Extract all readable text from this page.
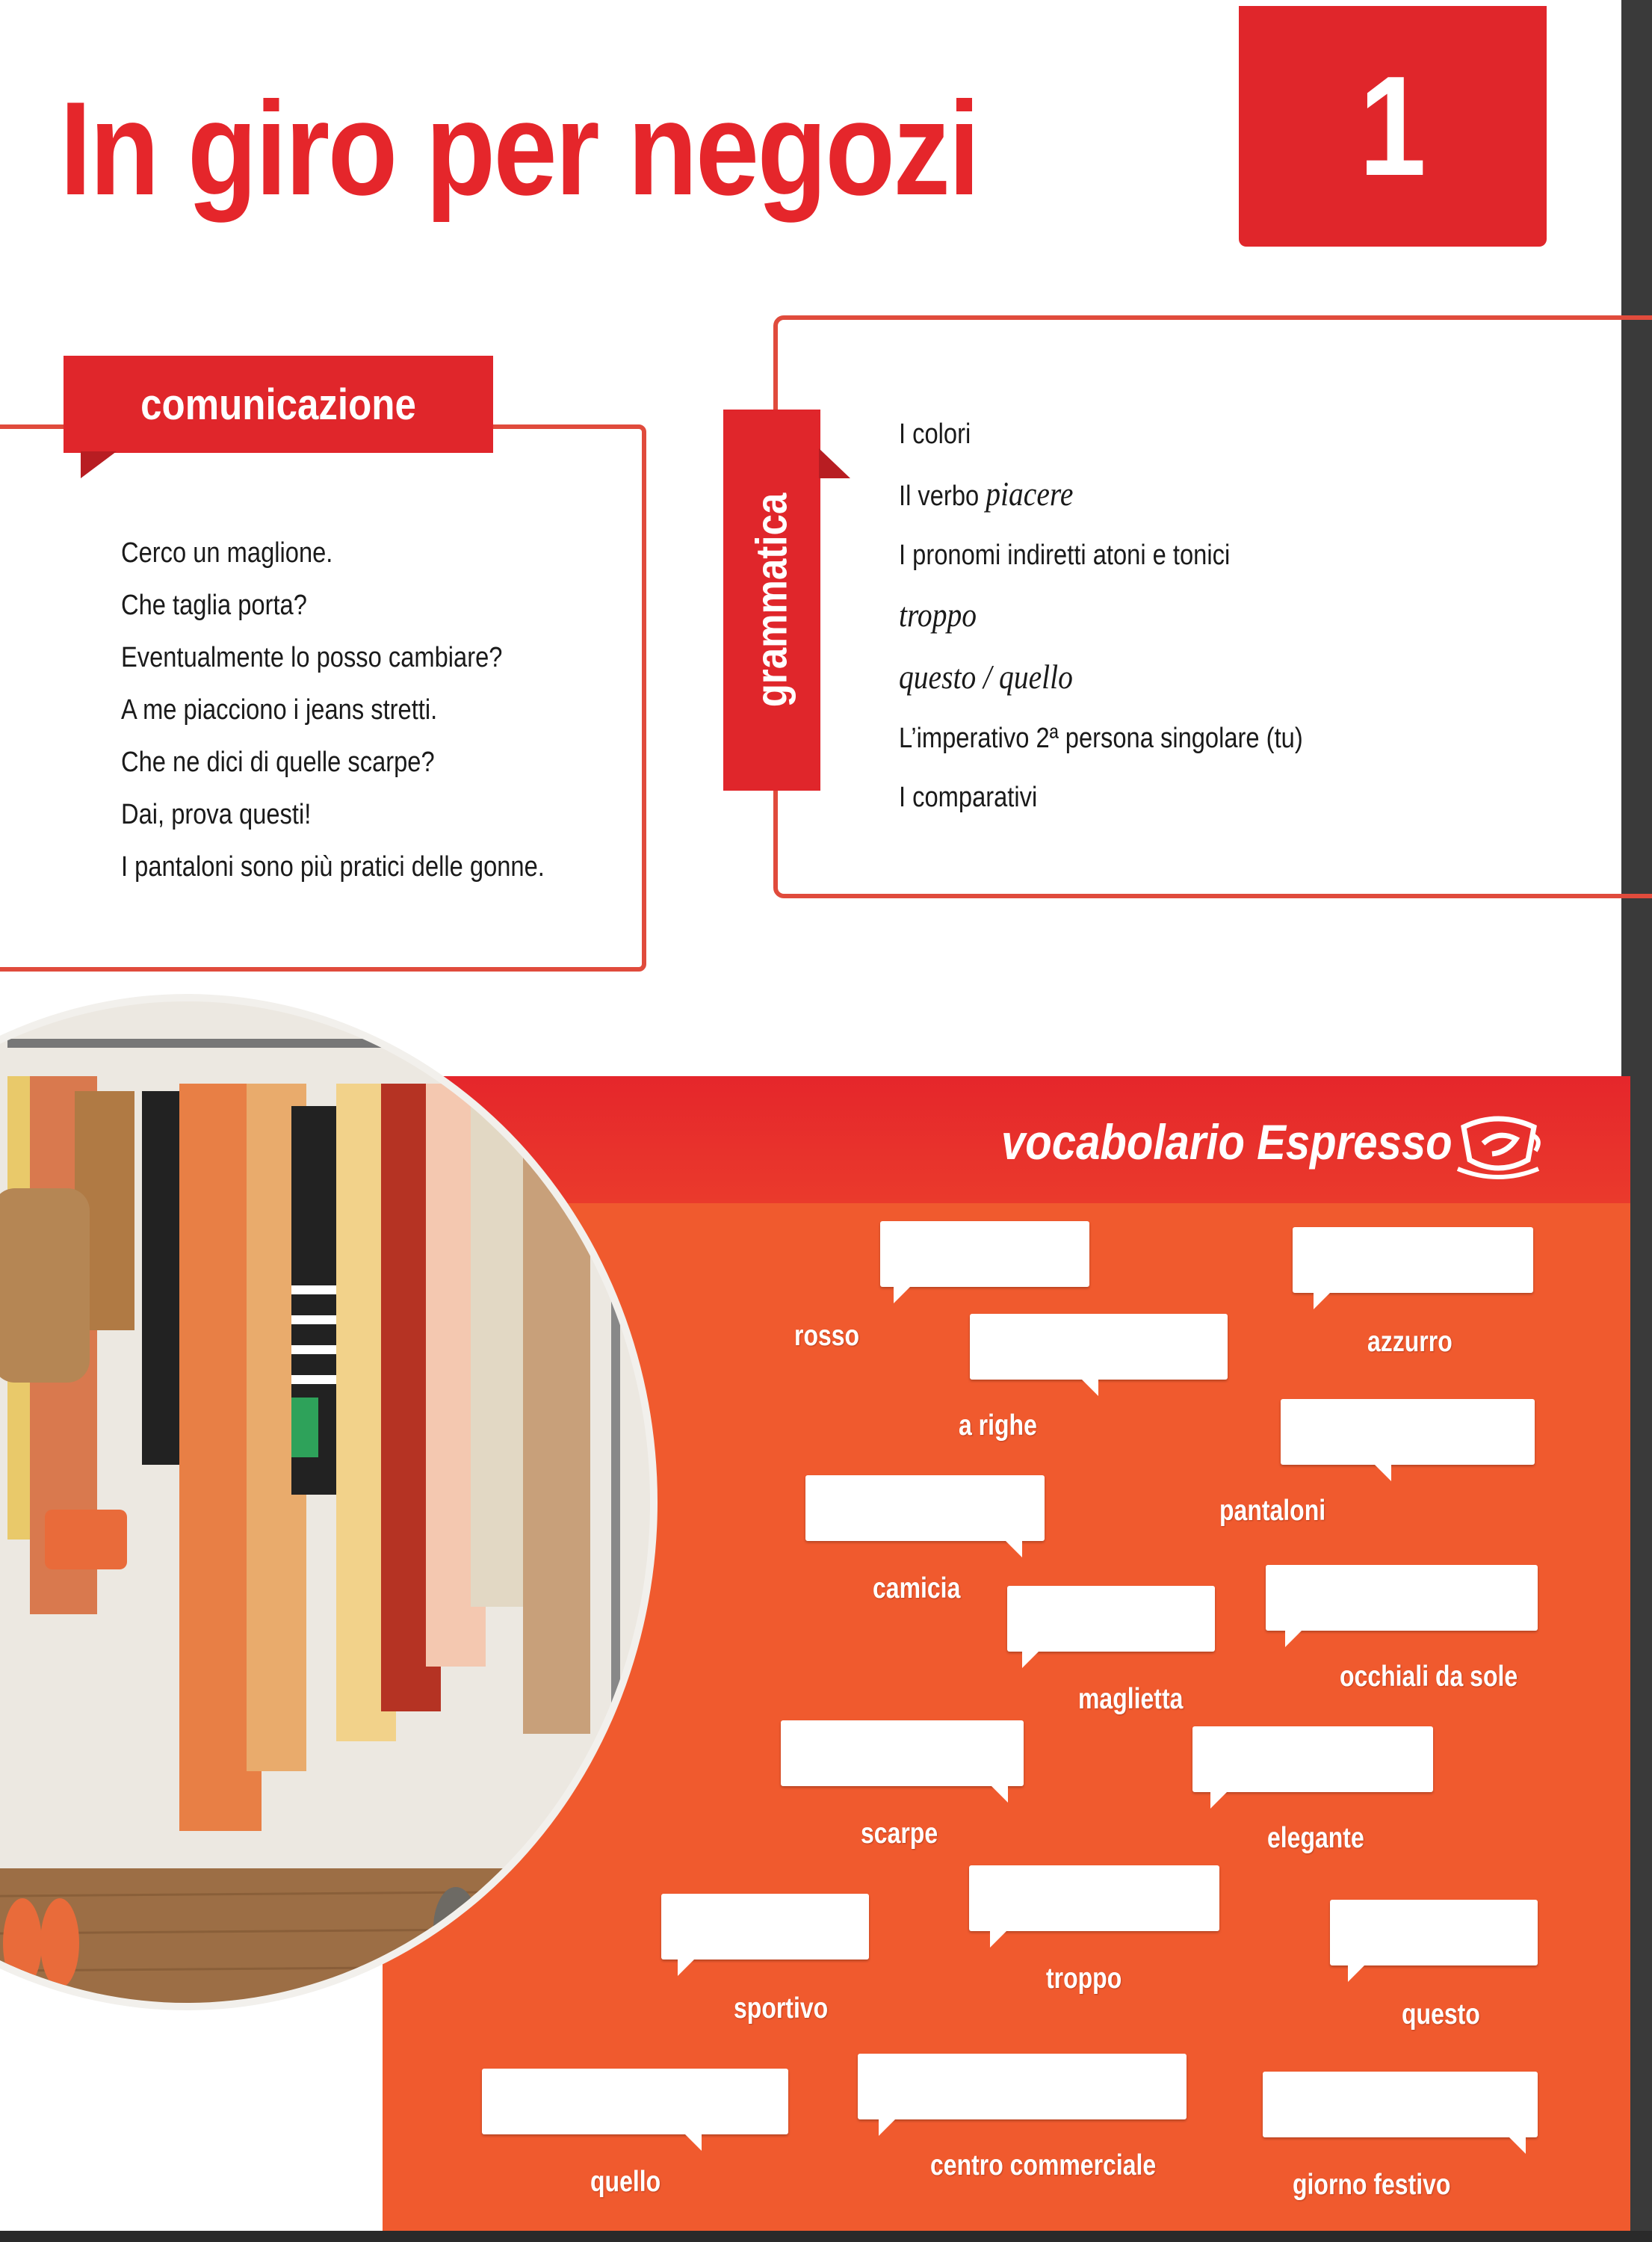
In giro per negozi	1
comunicazione
Cerco un maglione.
Che taglia porta?
Eventualmente lo posso cambiare?
A me piacciono i jeans stretti.
Che ne dici di quelle scarpe?
Dai, prova questi!
I pantaloni sono più pratici delle gonne.
grammatica
I colori
Il verbo piacere
I pronomi indiretti atoni e tonici
troppo
questo / quello
L’imperativo 2ª persona singolare (tu)
I comparativi
vocabolario Espresso
rosso	azzurro
a righe
pantaloni
camicia
occhiali da sole
maglietta
scarpe	elegante
troppo
sportivo	questo
quello
centro commerciale
giorno festivo
